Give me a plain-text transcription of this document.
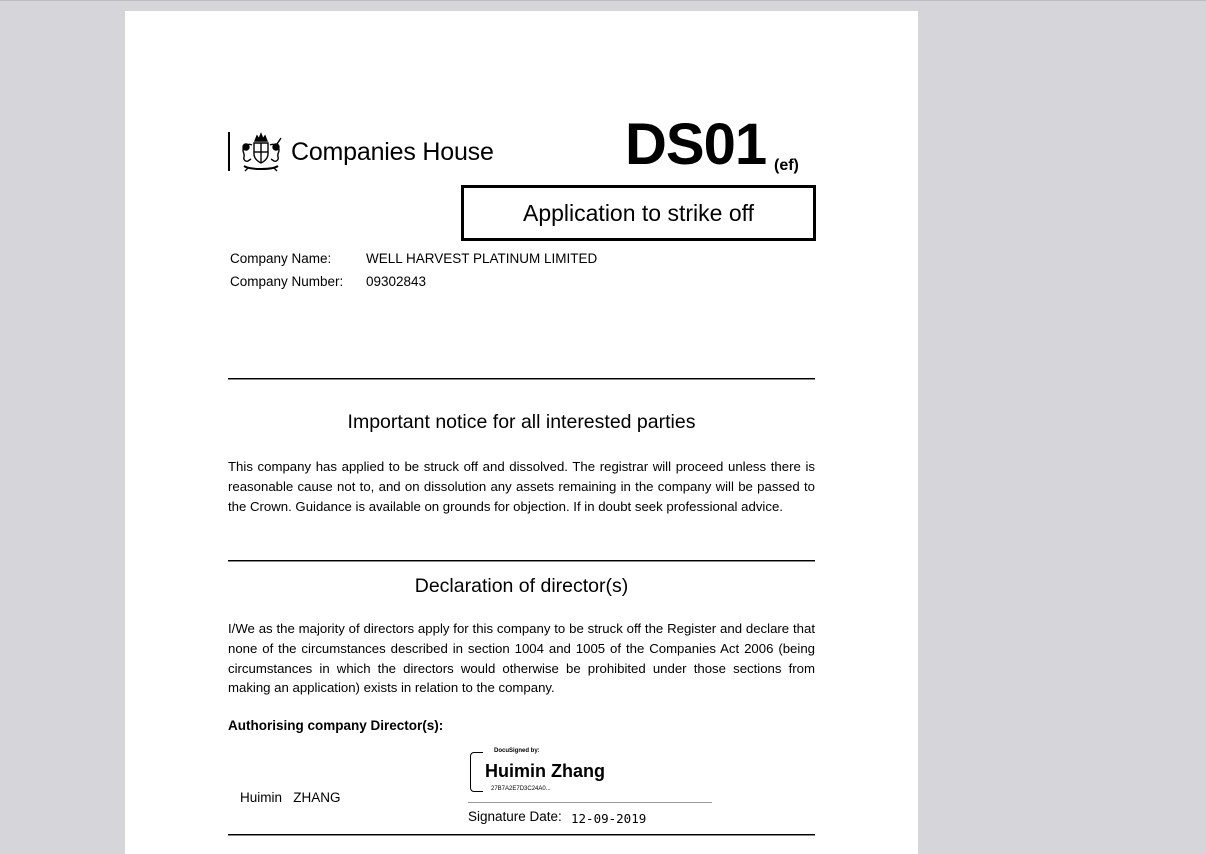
Companies House DS01 (ef)
Application to strike off
Company Name:	WELL HARVEST PLATINUM LIMITED
Company Number: 09302843
Important notice for all interested parties
This company has applied to be struck off and dissolved. The registrar will proceed unless there is reasonable cause not to, and on dissolution any assets remaining in the company will be passed to the Crown. Guidance is available on grounds for objection. If in doubt seek professional advice.
Declaration of director(s)
I/We as the majority of directors apply for this company to be struck off the Register and declare that none of the circumstances described in section 1004 and 1005 of the Companies Act 2006 (being circumstances in which the directors would otherwise be prohibited under those sections from making an application) exists in relation to the company.
Authorising company Director(s):
Huimin   ZHANG
DocuSigned by:
Huimin Zhang
27B7A2E7D3C24A0...
Signature Date: 12-09-2019
